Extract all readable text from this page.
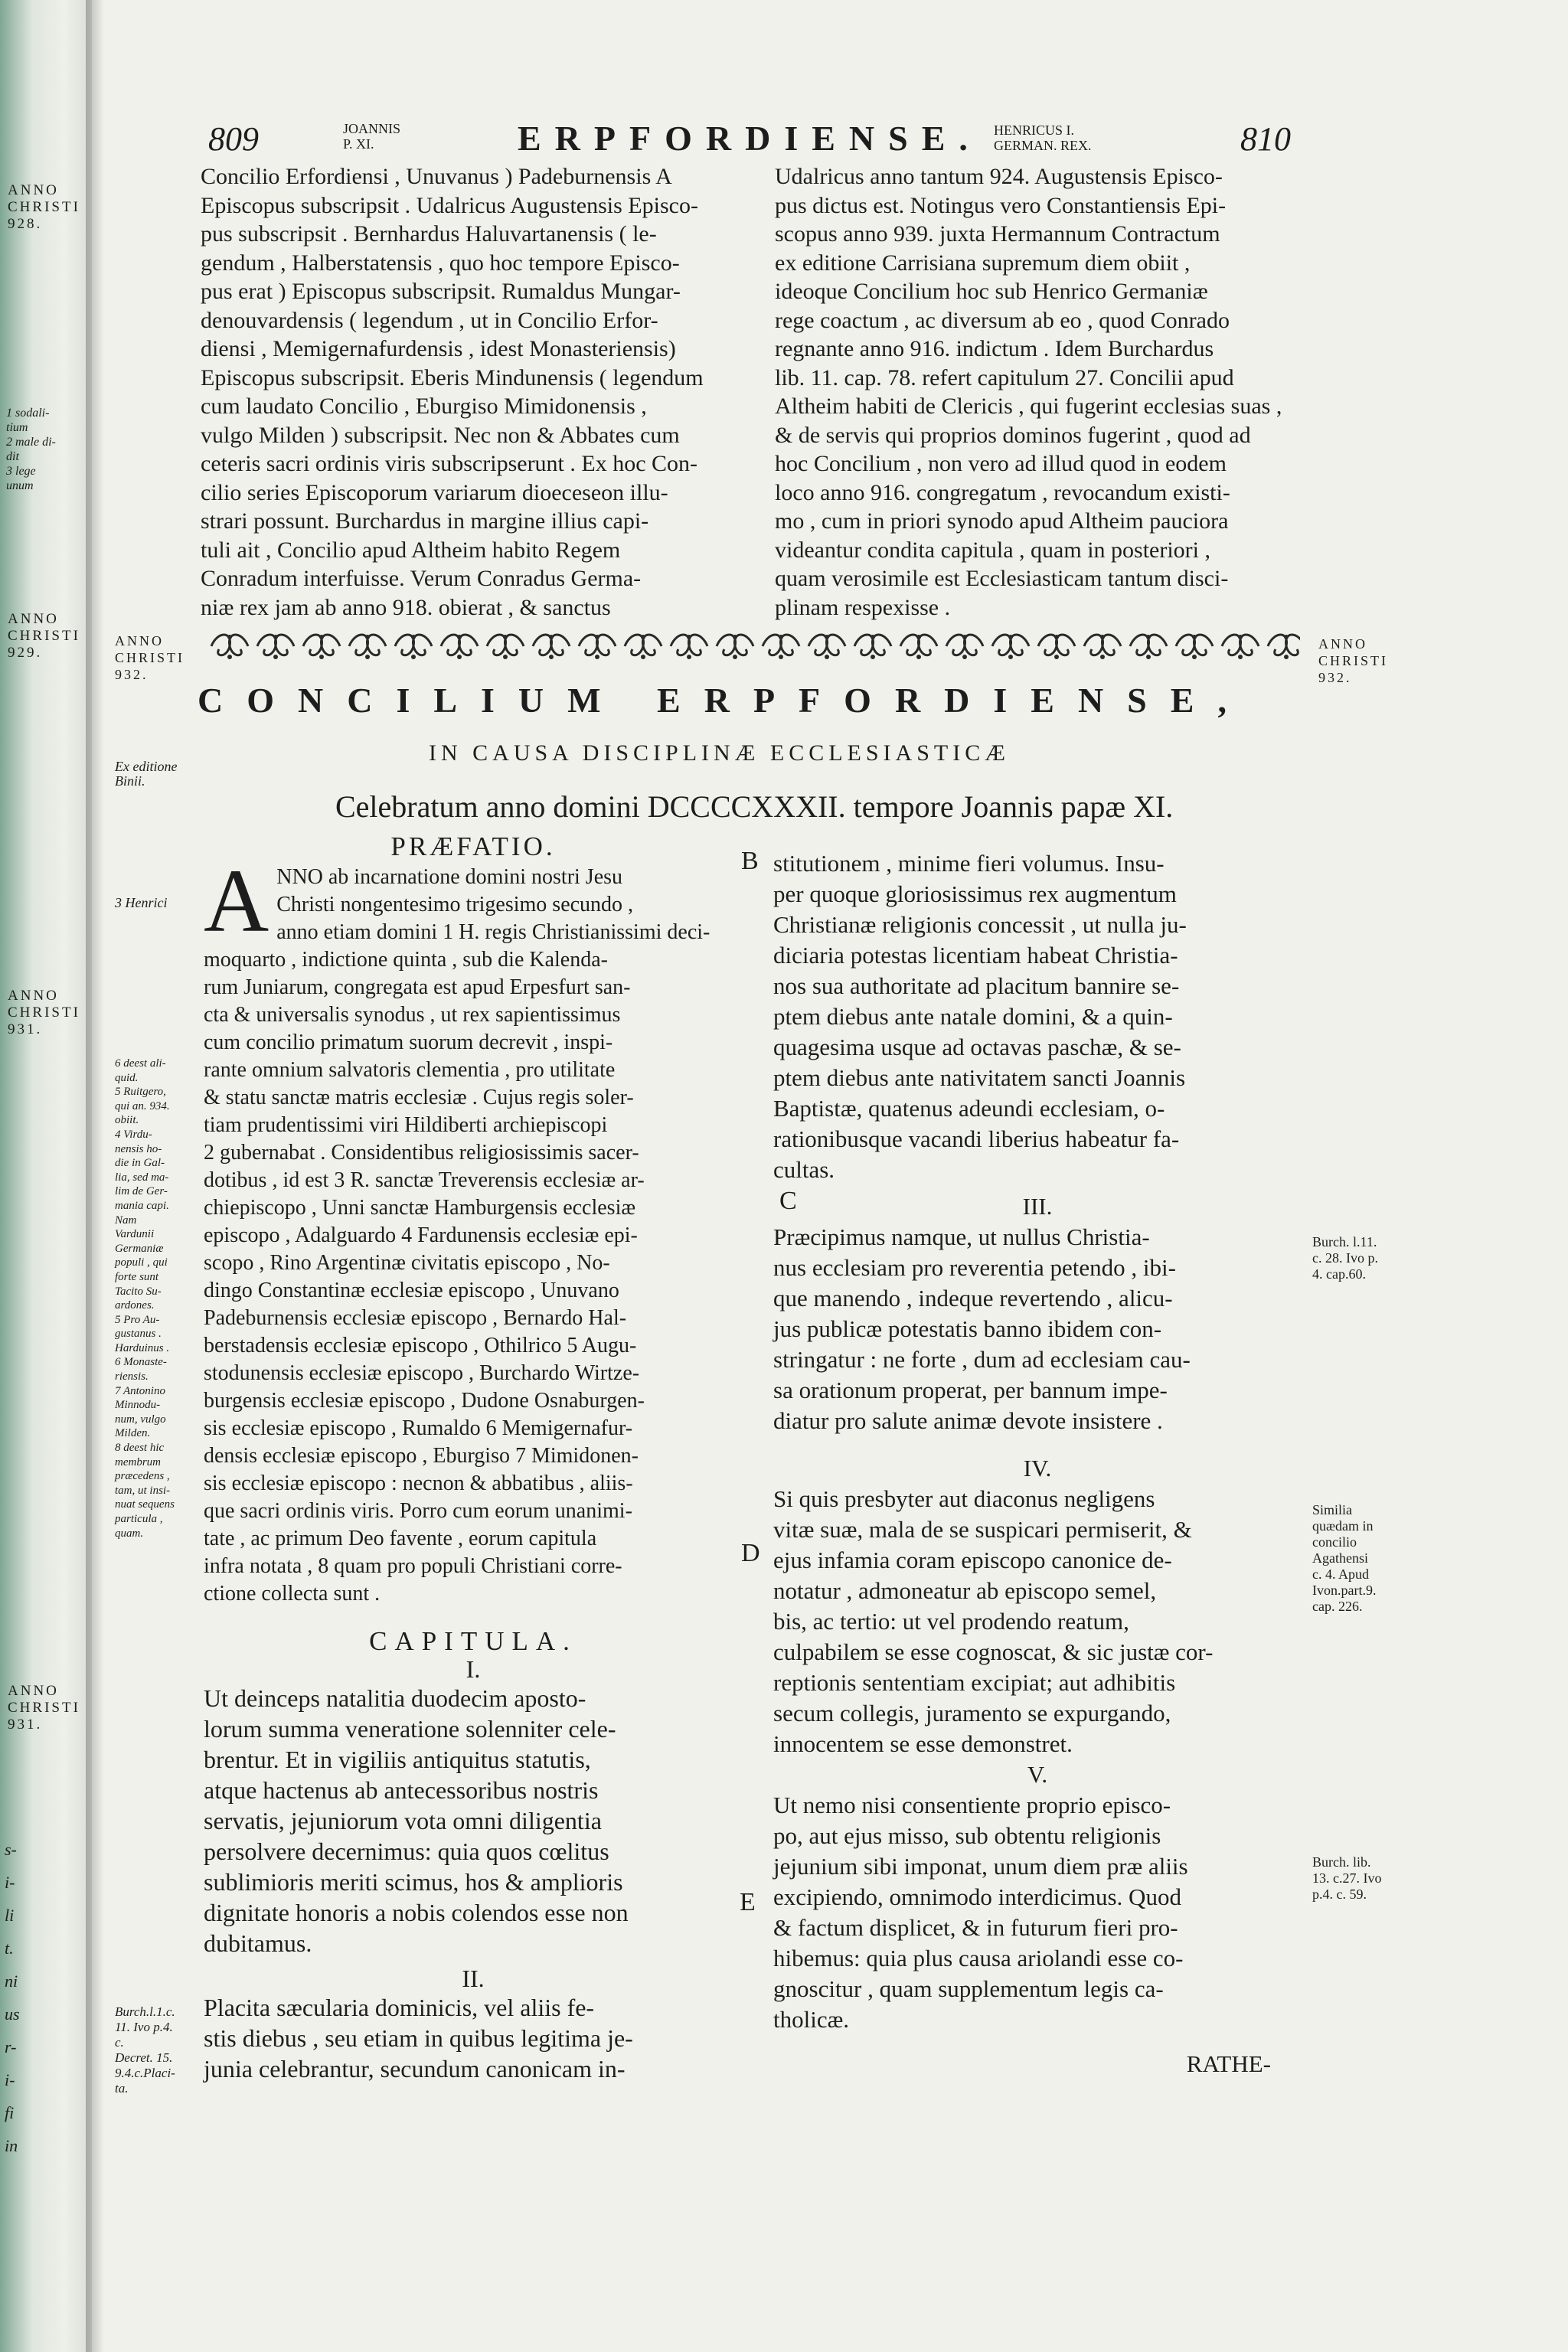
ANNO
CHRISTI
928.
1 sodali-
tium
2 male di-
dit
3 lege
unum
ANNO
CHRISTI
929.
ANNO
CHRISTI
931.
ANNO
CHRISTI
931.
s-
i-
li
t.
ni
us
r-
i-
fi
in
809	JOANNIS
P. XI.	ERPFORDIENSE. HENRICUS I.
GERMAN. REX.	810

Concilio Erfordiensi , Unuvanus ) Padeburnensis A

Episcopus subscripsit . Udalricus Augustensis Episco-

pus subscripsit . Bernhardus Haluvartanensis ( le-

gendum , Halberstatensis , quo hoc tempore Episco-

pus erat ) Episcopus subscripsit. Rumaldus Mungar-

denouvardensis ( legendum , ut in Concilio Erfor-

diensi , Memigernafurdensis , idest Monasteriensis)

Episcopus subscripsit. Eberis Mindunensis ( legendum

cum laudato Concilio , Eburgiso Mimidonensis ,

vulgo Milden ) subscripsit. Nec non & Abbates cum

ceteris sacri ordinis viris subscripserunt . Ex hoc Con-

cilio series Episcoporum variarum dioeceseon illu-

strari possunt. Burchardus in margine illius capi-

tuli ait , Concilio apud Altheim habito Regem

Conradum interfuisse. Verum Conradus Germa-

niæ rex jam ab anno 918. obierat , & sanctus

Udalricus anno tantum 924. Augustensis Episco-

pus dictus est. Notingus vero Constantiensis Epi-

scopus anno 939. juxta Hermannum Contractum

ex editione Carrisiana supremum diem obiit ,

ideoque Concilium hoc sub Henrico Germaniæ

rege coactum , ac diversum ab eo , quod Conrado

regnante anno 916. indictum . Idem Burchardus

lib. 11. cap. 78. refert capitulum 27. Concilii apud

Altheim habiti de Clericis , qui fugerint ecclesias suas ,

& de servis qui proprios dominos fugerint , quod ad

hoc Concilium , non vero ad illud quod in eodem

loco anno 916. congregatum , revocandum existi-

mo , cum in priori synodo apud Altheim pauciora

videantur condita capitula , quam in posteriori ,

quam verosimile est Ecclesiasticam tantum disci-

plinam respexisse .

ANNO
CHRISTI
932.
ANNO
CHRISTI
932.
CONCILIUM ERPFORDIENSE,
IN CAUSA DISCIPLINÆ ECCLESIASTICÆ
Celebratum anno domini DCCCCXXXII. tempore Joannis papæ XI.
Ex editione
Binii.
3 Henrici
6 deest ali-
quid.
5 Ruitgero,
qui an. 934.
obiit.
4 Virdu-
nensis ho-
die in Gal-
lia, sed ma-
lim de Ger-
mania capi.
Nam
Vardunii
Germaniæ
populi , qui
forte sunt
Tacito Su-
ardones.
5 Pro Au-
gustanus .
Harduinus .
6 Monaste-
riensis.
7 Antonino
Minnodu-
num, vulgo
Milden.
8 deest hic
membrum
præcedens ,
tam, ut insi-
nuat sequens
particula ,
quam.
Burch.l.1.c.
11. Ivo p.4.
c.
Decret. 15.
9.4.c.Placi-
ta.
PRÆFATIO.
A NNO ab incarnatione domini nostri Jesu

Christi nongentesimo trigesimo secundo ,

anno etiam domini 1 H. regis Christianissimi deci-

moquarto , indictione quinta , sub die Kalenda-

rum Juniarum, congregata est apud Erpesfurt san-

cta & universalis synodus , ut rex sapientissimus

cum concilio primatum suorum decrevit , inspi-

rante omnium salvatoris clementia , pro utilitate

& statu sanctæ matris ecclesiæ . Cujus regis soler-

tiam prudentissimi viri Hildiberti archiepiscopi

2 gubernabat . Considentibus religiosissimis sacer-

dotibus , id est 3 R. sanctæ Treverensis ecclesiæ ar-

chiepiscopo , Unni sanctæ Hamburgensis ecclesiæ

episcopo , Adalguardo 4 Fardunensis ecclesiæ epi-

scopo , Rino Argentinæ civitatis episcopo , No-

dingo Constantinæ ecclesiæ episcopo , Unuvano

Padeburnensis ecclesiæ episcopo , Bernardo Hal-

berstadensis ecclesiæ episcopo , Othilrico 5 Augu-

stodunensis ecclesiæ episcopo , Burchardo Wirtze-

burgensis ecclesiæ episcopo , Dudone Osnaburgen-

sis ecclesiæ episcopo , Rumaldo 6 Memigernafur-

densis ecclesiæ episcopo , Eburgiso 7 Mimidonen-

sis ecclesiæ episcopo : necnon & abbatibus , aliis-

que sacri ordinis viris. Porro cum eorum unanimi-

tate , ac primum Deo favente , eorum capitula

infra notata , 8 quam pro populi Christiani corre-

ctione collecta sunt .

CAPITULA.
I.

Ut deinceps natalitia duodecim aposto-

lorum summa veneratione solenniter cele-

brentur. Et in vigiliis antiquitus statutis,

atque hactenus ab antecessoribus nostris

servatis, jejuniorum vota omni diligentia

persolvere decernimus: quia quos cœlitus

sublimioris meriti scimus, hos & amplioris

dignitate honoris a nobis colendos esse non

dubitamus.

II.

Placita sæcularia dominicis, vel aliis fe-

stis diebus , seu etiam in quibus legitima je-

junia celebrantur, secundum canonicam in-

B
C
D
E

stitutionem , minime fieri volumus. Insu-

per quoque gloriosissimus rex augmentum

Christianæ religionis concessit , ut nulla ju-

diciaria potestas licentiam habeat Christia-

nos sua authoritate ad placitum bannire se-

ptem diebus ante natale domini, & a quin-

quagesima usque ad octavas paschæ, & se-

ptem diebus ante nativitatem sancti Joannis

Baptistæ, quatenus adeundi ecclesiam, o-

rationibusque vacandi liberius habeatur fa-

cultas.

III.

Præcipimus namque, ut nullus Christia-

nus ecclesiam pro reverentia petendo , ibi-

que manendo , indeque revertendo , alicu-

jus publicæ potestatis banno ibidem con-

stringatur : ne forte , dum ad ecclesiam cau-

sa orationum properat, per bannum impe-

diatur pro salute animæ devote insistere .

IV.

Si quis presbyter aut diaconus negligens

vitæ suæ, mala de se suspicari permiserit, &

ejus infamia coram episcopo canonice de-

notatur , admoneatur ab episcopo semel,

bis, ac tertio: ut vel prodendo reatum,

culpabilem se esse cognoscat, & sic justæ cor-

reptionis sententiam excipiat; aut adhibitis

secum collegis, juramento se expurgando,

innocentem se esse demonstret.

V.

Ut nemo nisi consentiente proprio episco-

po, aut ejus misso, sub obtentu religionis

jejunium sibi imponat, unum diem præ aliis

excipiendo, omnimodo interdicimus. Quod

& factum displicet, & in futurum fieri pro-

hibemus: quia plus causa ariolandi esse co-

gnoscitur , quam supplementum legis ca-

tholicæ.

RATHE-
Burch. l.11.
c. 28. Ivo p.
4. cap.60.
Similia
quædam in
concilio
Agathensi
c. 4. Apud
Ivon.part.9.
cap. 226.
Burch. lib.
13. c.27. Ivo
p.4. c. 59.
